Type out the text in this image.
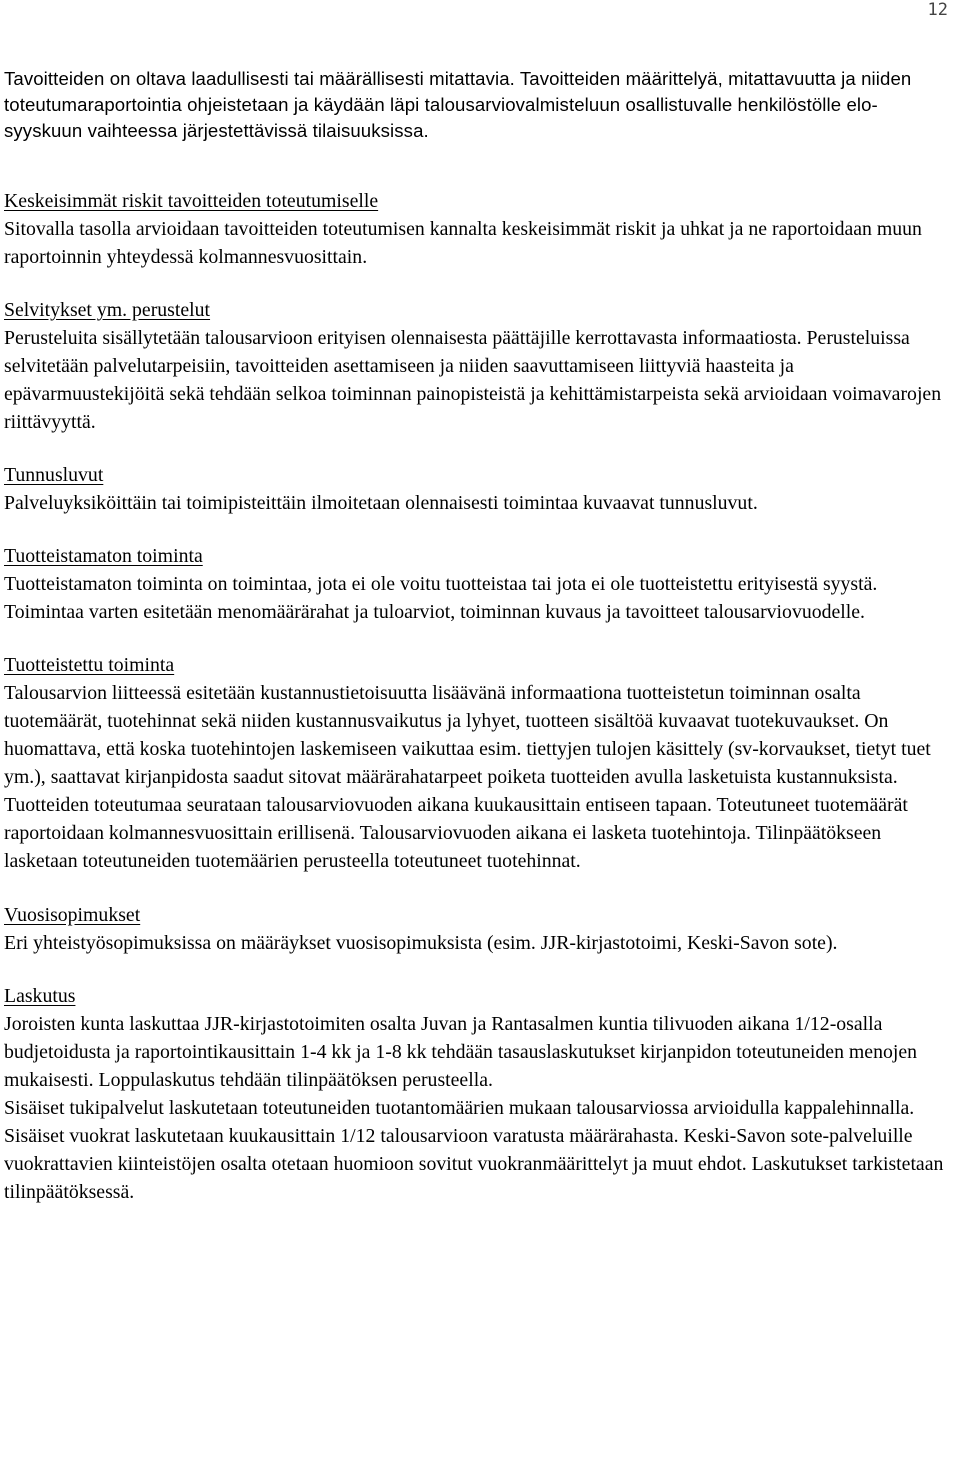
12

Tavoitteiden on oltava laadullisesti tai määrällisesti mitattavia. Tavoitteiden määrittelyä, mitattavuutta ja niiden toteutumaraportointia ohjeistetaan ja käydään läpi talousarviovalmisteluun osallistuvalle henkilöstölle elo-syyskuun vaihteessa järjestettävissä tilaisuuksissa.

Keskeisimmät riskit tavoitteiden toteutumiselle

Sitovalla tasolla arvioidaan tavoitteiden toteutumisen kannalta keskeisimmät riskit ja uhkat ja ne raportoidaan muun raportoinnin yhteydessä kolmannesvuosittain.

Selvitykset ym. perustelut

Perusteluita sisällytetään talousarvioon erityisen olennaisesta päättäjille kerrottavasta informaatiosta. Perusteluissa selvitetään palvelutarpeisiin, tavoitteiden asettamiseen ja niiden saavuttamiseen liittyviä haasteita ja epävarmuustekijöitä sekä tehdään selkoa toiminnan painopisteistä ja kehittämistarpeista sekä arvioidaan voimavarojen riittävyyttä.

Tunnusluvut

Palveluyksiköittäin tai toimipisteittäin ilmoitetaan olennaisesti toimintaa kuvaavat tunnusluvut.

Tuotteistamaton toiminta

Tuotteistamaton toiminta on toimintaa, jota ei ole voitu tuotteistaa tai jota ei ole tuotteistettu erityisestä syystä. Toimintaa varten esitetään menomäärärahat ja tuloarviot, toiminnan kuvaus ja tavoitteet talousarviovuodelle.

Tuotteistettu toiminta

Talousarvion liitteessä esitetään kustannustietoisuutta lisäävänä informaationa tuotteistetun toiminnan osalta tuotemäärät, tuotehinnat sekä niiden kustannusvaikutus ja lyhyet, tuotteen sisältöä kuvaavat tuotekuvaukset. On huomattava, että koska tuotehintojen laskemiseen vaikuttaa esim. tiettyjen tulojen käsittely (sv-korvaukset, tietyt tuet ym.), saattavat kirjanpidosta saadut sitovat määrärahatarpeet poiketa tuotteiden avulla lasketuista kustannuksista.

Tuotteiden toteutumaa seurataan talousarviovuoden aikana kuukausittain entiseen tapaan. Toteutuneet tuotemäärät raportoidaan kolmannesvuosittain erillisenä. Talousarviovuoden aikana ei lasketa tuotehintoja. Tilinpäätökseen lasketaan toteutuneiden tuotemäärien perusteella toteutuneet tuotehinnat.

Vuosisopimukset

Eri yhteistyösopimuksissa on määräykset vuosisopimuksista (esim. JJR-kirjastotoimi, Keski-Savon sote).

Laskutus

Joroisten kunta laskuttaa JJR-kirjastotoimiten osalta Juvan ja Rantasalmen kuntia tilivuoden aikana 1/12-osalla budjetoidusta ja raportointikausittain 1-4 kk ja 1-8 kk tehdään tasauslaskutukset kirjanpidon toteutuneiden menojen mukaisesti. Loppulaskutus tehdään tilinpäätöksen perusteella.

Sisäiset tukipalvelut laskutetaan toteutuneiden tuotantomäärien mukaan talousarviossa arvioidulla kappalehinnalla. Sisäiset vuokrat laskutetaan kuukausittain 1/12 talousarvioon varatusta määrärahasta. Keski-Savon sote-palveluille vuokrattavien kiinteistöjen osalta otetaan huomioon sovitut vuokranmäärittelyt ja muut ehdot. Laskutukset tarkistetaan tilinpäätöksessä.
